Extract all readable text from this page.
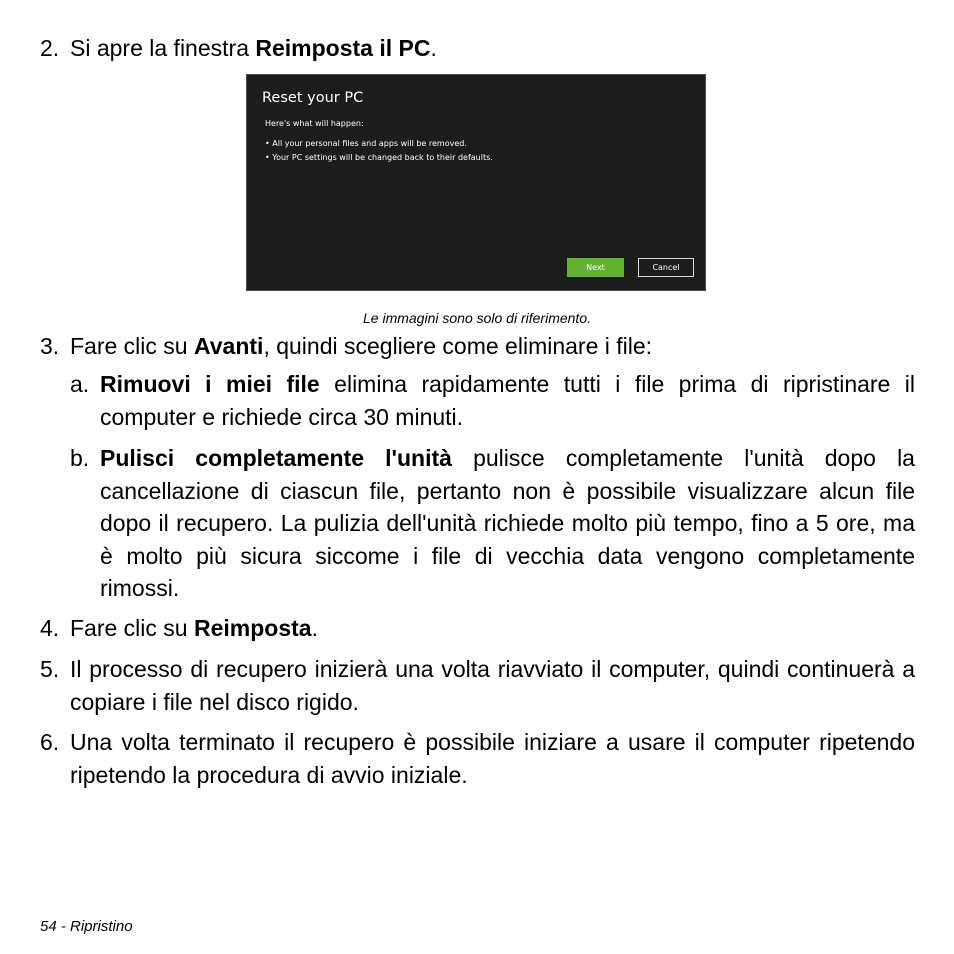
2. Si apre la finestra Reimposta il PC.
Reset your PC
Here's what will happen:
• All your personal files and apps will be removed.
• Your PC settings will be changed back to their defaults.
Next	Cancel
Le immagini sono solo di riferimento.
3. Fare clic su Avanti, quindi scegliere come eliminare i file:
a. Rimuovi i miei file elimina rapidamente tutti i file prima di ripristinare il computer e richiede circa 30 minuti.
b. Pulisci completamente l'unità pulisce completamente l'unità dopo la cancellazione di ciascun file, pertanto non è possibile visualizzare alcun file dopo il recupero. La pulizia dell'unità richiede molto più tempo, fino a 5 ore, ma è molto più sicura siccome i file di vecchia data vengono completamente rimossi.
4. Fare clic su Reimposta.
5. Il processo di recupero inizierà una volta riavviato il computer, quindi continuerà a copiare i file nel disco rigido.
6. Una volta terminato il recupero è possibile iniziare a usare il computer ripetendo ripetendo la procedura di avvio iniziale.
54 - Ripristino
